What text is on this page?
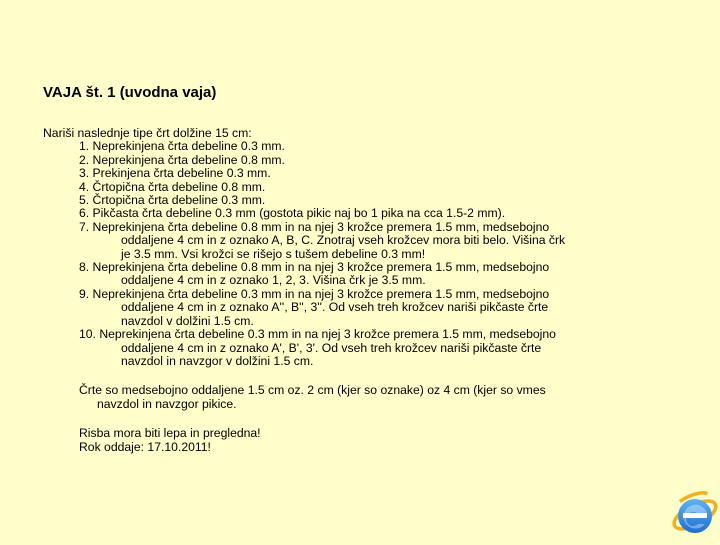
VAJA št. 1 (uvodna vaja)

Nariši naslednje tipe črt dolžine 15 cm:

1. Neprekinjena črta debeline 0.3 mm.
2. Neprekinjena črta debeline 0.8 mm.
3. Prekinjena črta debeline 0.3 mm.
4. Črtopična črta debeline 0.8 mm.
5. Črtopična črta debeline 0.3 mm.
6. Pikčasta črta debeline 0.3 mm (gostota pikic naj bo 1 pika na cca 1.5-2 mm).
7. Neprekinjena črta debeline 0.8 mm in na njej 3 krožce premera 1.5 mm, medsebojno
oddaljene 4 cm in z oznako A, B, C. Znotraj vseh krožcev mora biti belo. Višina črk
je 3.5 mm. Vsi krožci se rišejo s tušem debeline 0.3 mm!
8. Neprekinjena črta debeline 0.8 mm in na njej 3 krožce premera 1.5 mm, medsebojno
oddaljene 4 cm in z oznako 1, 2, 3. Višina črk je 3.5 mm.
9. Neprekinjena črta debeline 0.3 mm in na njej 3 krožce premera 1.5 mm, medsebojno
oddaljene 4 cm in z oznako A'', B'', 3''. Od vseh treh krožcev nariši pikčaste črte
navzdol v dolžini 1.5 cm.
10. Neprekinjena črta debeline 0.3 mm in na njej 3 krožce premera 1.5 mm, medsebojno
oddaljene 4 cm in z oznako A', B', 3'. Od vseh treh krožcev nariši pikčaste črte
navzdol in navzgor v dolžini 1.5 cm.
Črte so medsebojno oddaljene 1.5 cm oz. 2 cm (kjer so oznake) oz 4 cm (kjer so vmes
navzdol in navzgor pikice.
Risba mora biti lepa in pregledna!
Rok oddaje: 17.10.2011!
